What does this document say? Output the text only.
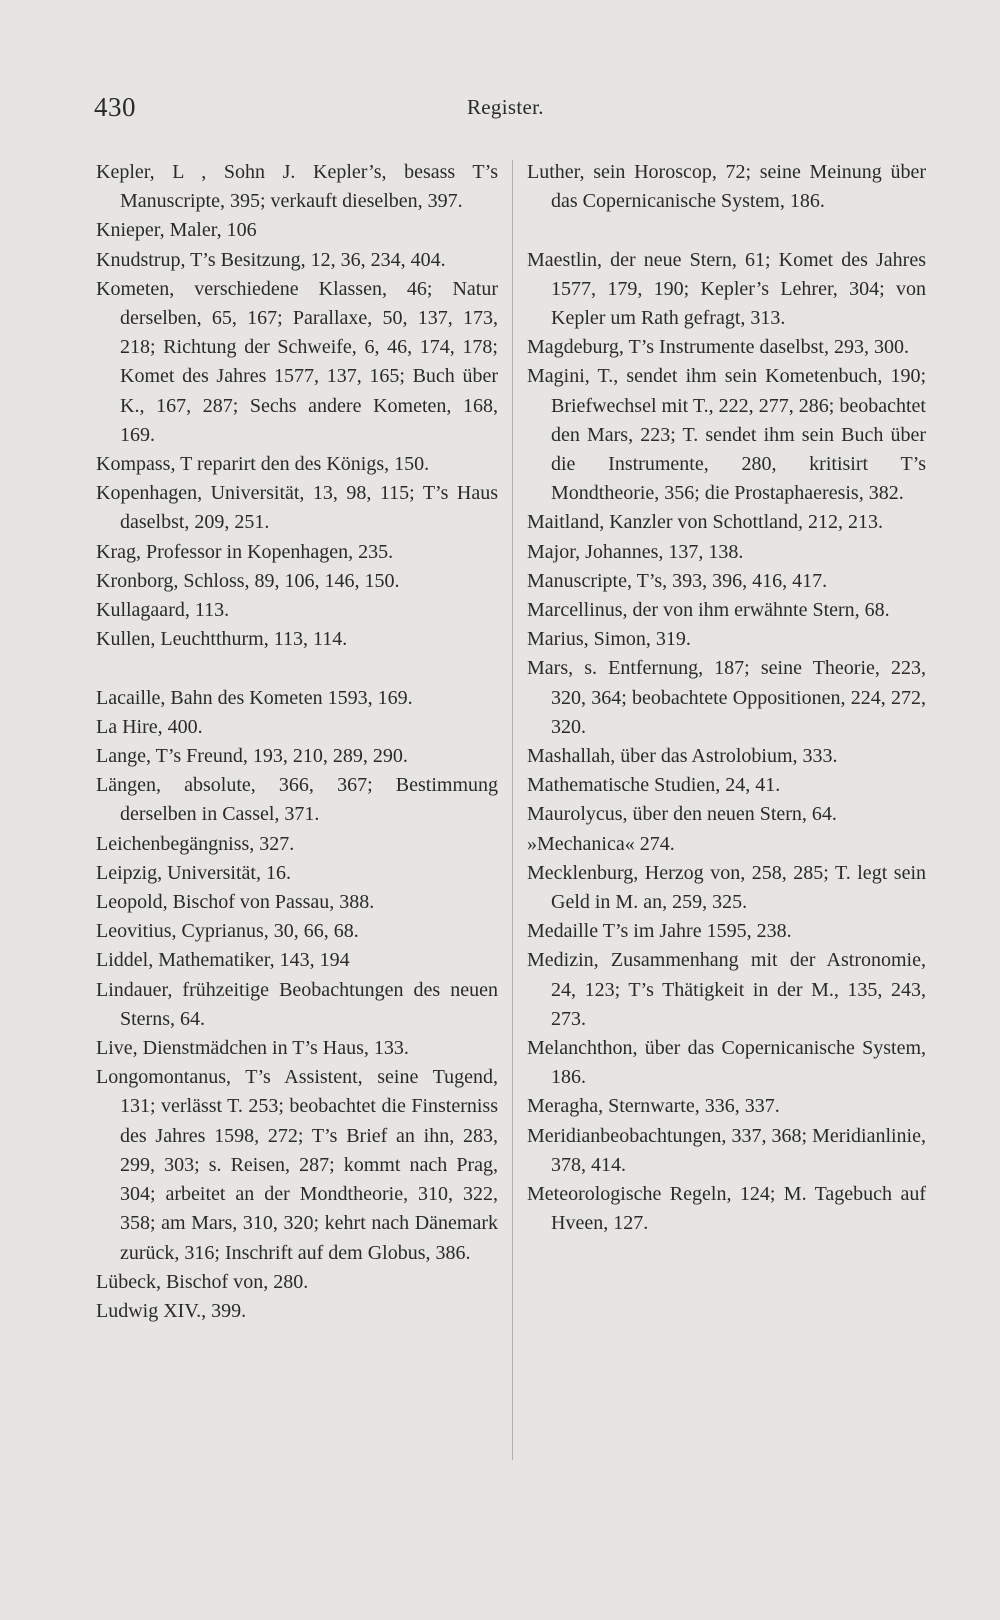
430	Register.

Kepler, L , Sohn J. Kepler’s, besass T’s Manuscripte, 395; verkauft dieselben, 397.

Knieper, Maler, 106

Knudstrup, T’s Besitzung, 12, 36, 234, 404.

Kometen, verschiedene Klassen, 46; Natur derselben, 65, 167; Parallaxe, 50, 137, 173, 218; Richtung der Schweife, 6, 46, 174, 178; Komet des Jahres 1577, 137, 165; Buch über K., 167, 287; Sechs andere Kometen, 168, 169.

Kompass, T reparirt den des Königs, 150.

Kopenhagen, Universität, 13, 98, 115; T’s Haus daselbst, 209, 251.

Krag, Professor in Kopenhagen, 235.

Kronborg, Schloss, 89, 106, 146, 150.

Kullagaard, 113.

Kullen, Leuchtthurm, 113, 114.

Lacaille, Bahn des Kometen 1593, 169.

La Hire, 400.

Lange, T’s Freund, 193, 210, 289, 290.

Längen, absolute, 366, 367; Bestimmung derselben in Cassel, 371.

Leichenbegängniss, 327.

Leipzig, Universität, 16.

Leopold, Bischof von Passau, 388.

Leovitius, Cyprianus, 30, 66, 68.

Liddel, Mathematiker, 143, 194

Lindauer, frühzeitige Beobachtungen des neuen Sterns, 64.

Live, Dienstmädchen in T’s Haus, 133.

Longomontanus, T’s Assistent, seine Tugend, 131; verlässt T. 253; beobachtet die Finsterniss des Jahres 1598, 272; T’s Brief an ihn, 283, 299, 303; s. Reisen, 287; kommt nach Prag, 304; arbeitet an der Mondtheorie, 310, 322, 358; am Mars, 310, 320; kehrt nach Dänemark zurück, 316; Inschrift auf dem Globus, 386.

Lübeck, Bischof von, 280.

Ludwig XIV., 399.

Luther, sein Horoscop, 72; seine Meinung über das Copernicanische System, 186.

Maestlin, der neue Stern, 61; Komet des Jahres 1577, 179, 190; Kepler’s Lehrer, 304; von Kepler um Rath gefragt, 313.

Magdeburg, T’s Instrumente daselbst, 293, 300.

Magini, T., sendet ihm sein Kometenbuch, 190; Briefwechsel mit T., 222, 277, 286; beobachtet den Mars, 223; T. sendet ihm sein Buch über die Instrumente, 280, kritisirt T’s Mondtheorie, 356; die Prostaphaeresis, 382.

Maitland, Kanzler von Schottland, 212, 213.

Major, Johannes, 137, 138.

Manuscripte, T’s, 393, 396, 416, 417.

Marcellinus, der von ihm erwähnte Stern, 68.

Marius, Simon, 319.

Mars, s. Entfernung, 187; seine Theorie, 223, 320, 364; beobachtete Oppositionen, 224, 272, 320.

Mashallah, über das Astrolobium, 333.

Mathematische Studien, 24, 41.

Maurolycus, über den neuen Stern, 64.

»Mechanica« 274.

Mecklenburg, Herzog von, 258, 285; T. legt sein Geld in M. an, 259, 325.

Medaille T’s im Jahre 1595, 238.

Medizin, Zusammenhang mit der Astronomie, 24, 123; T’s Thätigkeit in der M., 135, 243, 273.

Melanchthon, über das Copernicanische System, 186.

Meragha, Sternwarte, 336, 337.

Meridianbeobachtungen, 337, 368; Meridianlinie, 378, 414.

Meteorologische Regeln, 124; M. Tagebuch auf Hveen, 127.
